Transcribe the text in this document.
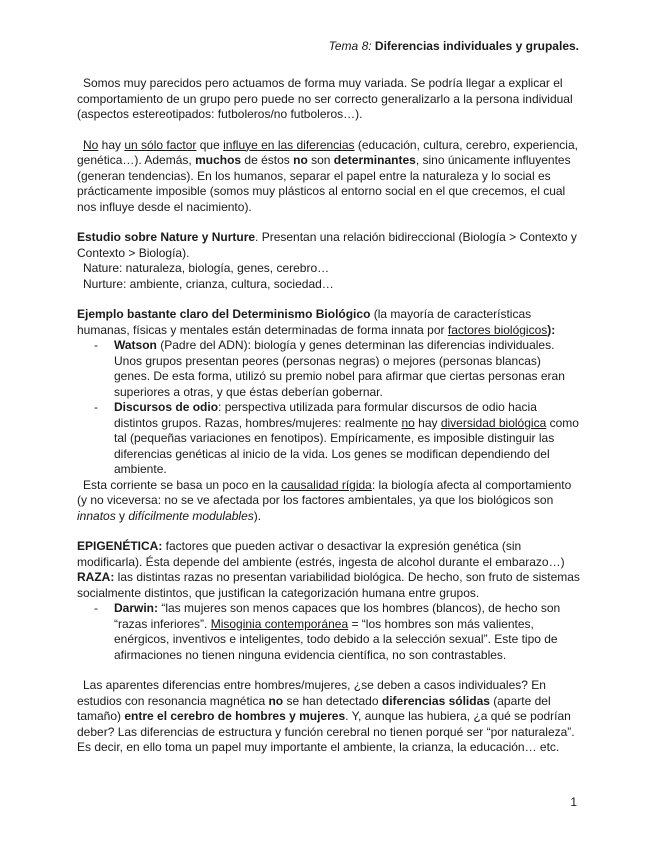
Tema 8: Diferencias individuales y grupales.

Somos muy parecidos pero actuamos de forma muy variada. Se podría llegar a explicar el comportamiento de un grupo pero puede no ser correcto generalizarlo a la persona individual (aspectos estereotipados: futboleros/no futboleros…).

No hay un sólo factor que influye en las diferencias (educación, cultura, cerebro, experiencia, genética…). Además, muchos de éstos no son determinantes, sino únicamente influyentes (generan tendencias). En los humanos, separar el papel entre la naturaleza y lo social es prácticamente imposible (somos muy plásticos al entorno social en el que crecemos, el cual nos influye desde el nacimiento).

Estudio sobre Nature y Nurture. Presentan una relación bidireccional (Biología > Contexto y Contexto > Biología).

Nature: naturaleza, biología, genes, cerebro…

Nurture: ambiente, crianza, cultura, sociedad…

Ejemplo bastante claro del Determinismo Biológico (la mayoría de características humanas, físicas y mentales están determinadas de forma innata por factores biológicos):

- Watson (Padre del ADN): biología y genes determinan las diferencias individuales. Unos grupos presentan peores (personas negras) o mejores (personas blancas) genes. De esta forma, utilizó su premio nobel para afirmar que ciertas personas eran superiores a otras, y que éstas deberían gobernar.
- Discursos de odio: perspectiva utilizada para formular discursos de odio hacia distintos grupos. Razas, hombres/mujeres: realmente no hay diversidad biológica como tal (pequeñas variaciones en fenotipos). Empíricamente, es imposible distinguir las diferencias genéticas al inicio de la vida. Los genes se modifican dependiendo del ambiente.

Esta corriente se basa un poco en la causalidad rígida: la biología afecta al comportamiento (y no viceversa: no se ve afectada por los factores ambientales, ya que los biológicos son innatos y difícilmente modulables).

EPIGENÉTICA: factores que pueden activar o desactivar la expresión genética (sin modificarla). Ésta depende del ambiente (estrés, ingesta de alcohol durante el embarazo…)

RAZA: las distintas razas no presentan variabilidad biológica. De hecho, son fruto de sistemas socialmente distintos, que justifican la categorización humana entre grupos.

- Darwin: “las mujeres son menos capaces que los hombres (blancos), de hecho son “razas inferiores”. Misoginia contemporánea = “los hombres son más valientes, enérgicos, inventivos e inteligentes, todo debido a la selección sexual”. Este tipo de afirmaciones no tienen ninguna evidencia científica, no son contrastables.

Las aparentes diferencias entre hombres/mujeres, ¿se deben a casos individuales? En estudios con resonancia magnética no se han detectado diferencias sólidas (aparte del tamaño) entre el cerebro de hombres y mujeres. Y, aunque las hubiera, ¿a qué se podrían deber? Las diferencias de estructura y función cerebral no tienen porqué ser “por naturaleza”. Es decir, en ello toma un papel muy importante el ambiente, la crianza, la educación… etc.

1
